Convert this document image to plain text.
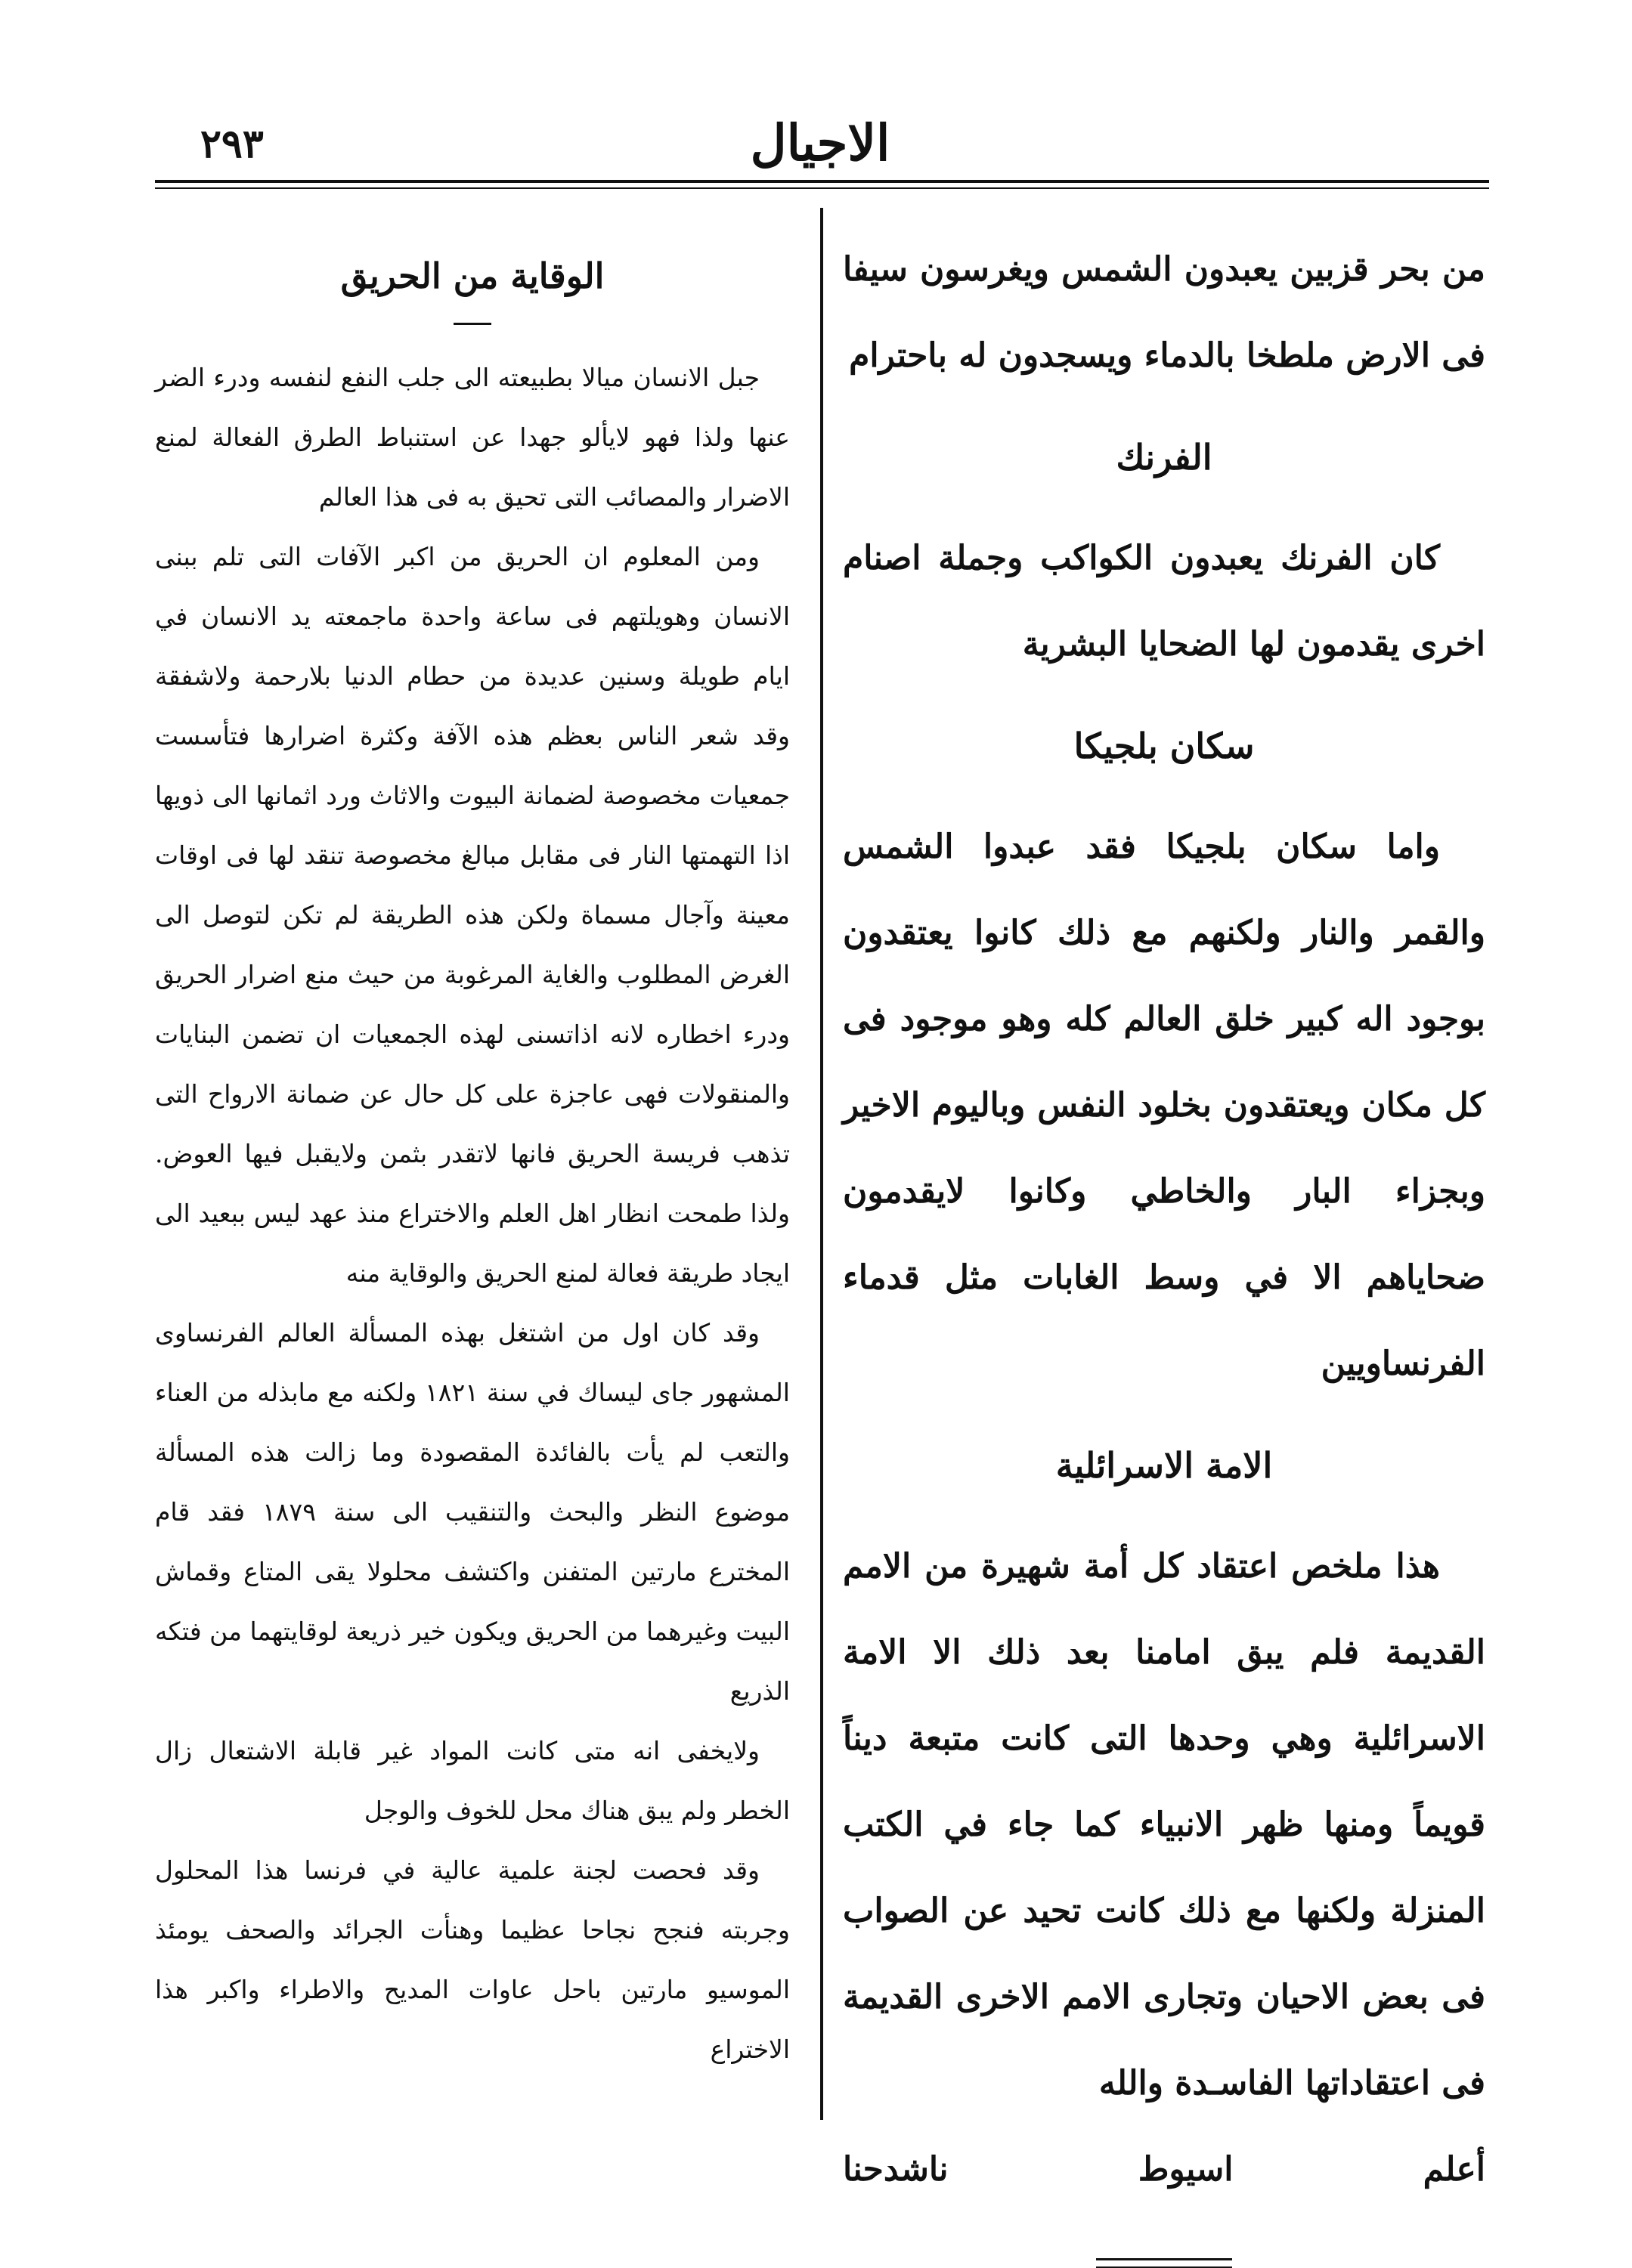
٢٩٣	الاجيال

من بحر قزبين يعبدون الشمس ويغرسون سيفا فى الارض ملطخا بالدماء ويسجدون له باحترام

الفرنك

كان الفرنك يعبدون الكواكب وجملة اصنام اخرى يقدمون لها الضحايا البشرية

سكان بلجيكا

واما سكان بلجيكا فقد عبدوا الشمس والقمر والنار ولكنهم مع ذلك كانوا يعتقدون بوجود اله كبير خلق العالم كله وهو موجود فى كل مكان ويعتقدون بخلود النفس وباليوم الاخير وبجزاء البار والخاطي وكانوا لايقدمون ضحاياهم الا في وسط الغابات مثل قدماء الفرنساويين

الامة الاسرائلية

هذا ملخص اعتقاد كل أمة شهيرة من الامم القديمة فلم يبق امامنا بعد ذلك الا الامة الاسرائلية وهي وحدها التى كانت متبعة ديناً قويماً ومنها ظهر الانبياء كما جاء في الكتب المنزلة ولكنها مع ذلك كانت تحيد عن الصواب فى بعض الاحيان وتجارى الامم الاخرى القديمة فى اعتقاداتها الفاسـدة والله

أعلم
اسيوط
ناشدحنا
الوقاية من الحريق

جبل الانسان ميالا بطبيعته الى جلب النفع لنفسه ودرء الضر عنها ولذا فهو لايألو جهدا عن استنباط الطرق الفعالة لمنع الاضرار والمصائب التى تحيق به فى هذا العالم

ومن المعلوم ان الحريق من اكبر الآفات التى تلم ببنى الانسان وهويلتهم فى ساعة واحدة ماجمعته يد الانسان في ايام طويلة وسنين عديدة من حطام الدنيا بلارحمة ولاشفقة وقد شعر الناس بعظم هذه الآفة وكثرة اضرارها فتأسست جمعيات مخصوصة لضمانة البيوت والاثاث ورد اثمانها الى ذويها اذا التهمتها النار فى مقابل مبالغ مخصوصة تنقد لها فى اوقات معينة وآجال مسماة ولكن هذه الطريقة لم تكن لتوصل الى الغرض المطلوب والغاية المرغوبة من حيث منع اضرار الحريق ودرء اخطاره لانه اذاتسنى لهذه الجمعيات ان تضمن البنايات والمنقولات فهى عاجزة على كل حال عن ضمانة الارواح التى تذهب فريسة الحريق فانها لاتقدر بثمن ولايقبل فيها العوض. ولذا طمحت انظار اهل العلم والاختراع منذ عهد ليس ببعيد الى ايجاد طريقة فعالة لمنع الحريق والوقاية منه

وقد كان اول من اشتغل بهذه المسألة العالم الفرنساوى المشهور جاى ليساك في سنة ١٨٢١ ولكنه مع مابذله من العناء والتعب لم يأت بالفائدة المقصودة وما زالت هذه المسألة موضوع النظر والبحث والتنقيب الى سنة ١٨٧٩ فقد قام المخترع مارتين المتفنن واكتشف محلولا يقى المتاع وقماش البيت وغيرهما من الحريق ويكون خير ذريعة لوقايتهما من فتكه الذريع

ولايخفى انه متى كانت المواد غير قابلة الاشتعال زال الخطر ولم يبق هناك محل للخوف والوجل

وقد فحصت لجنة علمية عالية في فرنسا هذا المحلول وجربته فنجح نجاحا عظيما وهنأت الجرائد والصحف يومئذ الموسيو مارتين باحل عاوات المديح والاطراء واكبر هذا الاختراع
